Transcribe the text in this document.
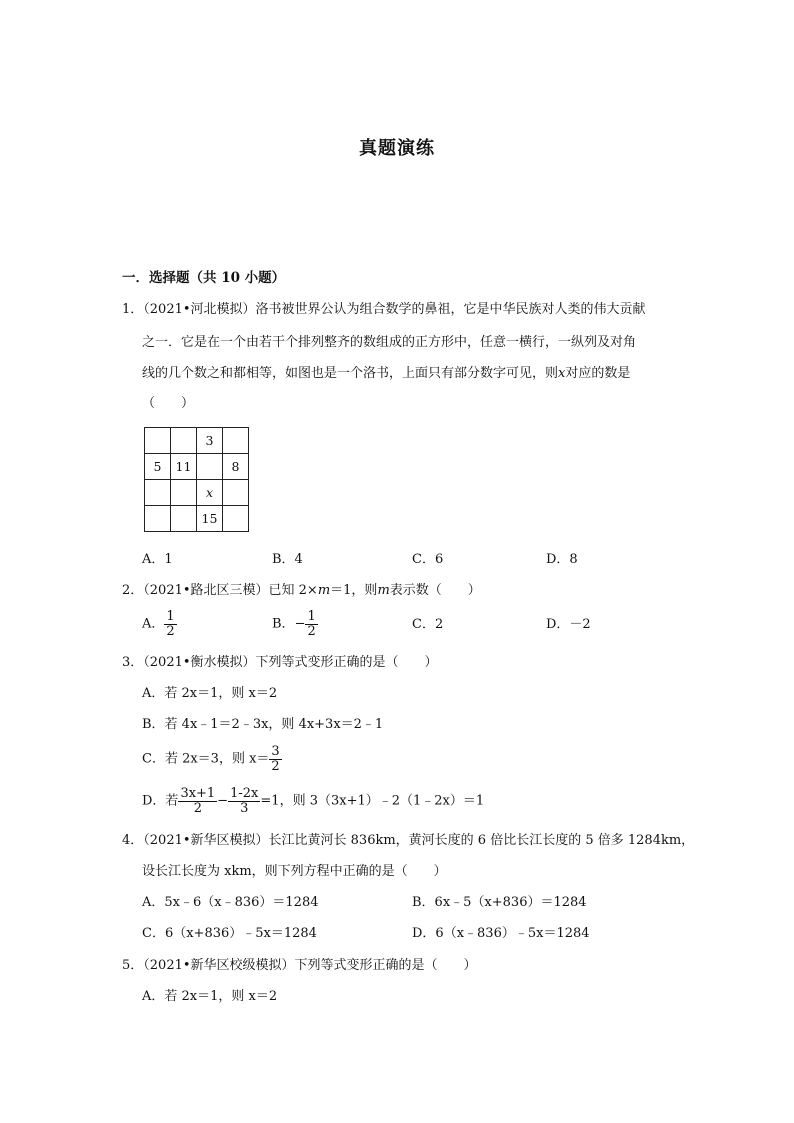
真题演练
一．选择题（共 10 小题）
1．（2021•河北模拟）洛书被世界公认为组合数学的鼻祖，它是中华民族对人类的伟大贡献
之一．它是在一个由若干个排列整齐的数组成的正方形中，任意一横行，一纵列及对角
线的几个数之和都相等，如图也是一个洛书，上面只有部分数字可见，则x对应的数是
（　　）
		3	
5	11		8
		x	
		15	
A．1	B．4	C．6	D．8
2．（2021•路北区三模）已知 2×m＝1，则m表示数（　　）
A． $\frac{1}{2}$	B．− $\frac{1}{2}$	C．2	D．－2
3．（2021•衡水模拟）下列等式变形正确的是（　　）
A．若 2x＝1，则 x＝2
B．若 4x﹣1＝2﹣3x，则 4x+3x＝2﹣1
C．若 2x＝3，则 $x= \frac{3}{2}$
D．若 $\frac{3x+1}{2} - \frac{1-2x}{3} =1$，则 3（3x+1）﹣2（1﹣2x）＝1
4．（2021•新华区模拟）长江比黄河长 836km，黄河长度的 6 倍比长江长度的 5 倍多 1284km，
设长江长度为 xkm，则下列方程中正确的是（　　）
A．5x﹣6（x﹣836）＝1284	B．6x﹣5（x+836）＝1284
C．6（x+836）﹣5x＝1284	D．6（x﹣836）﹣5x＝1284
5．（2021•新华区校级模拟）下列等式变形正确的是（　　）
A．若 2x＝1，则 x＝2
